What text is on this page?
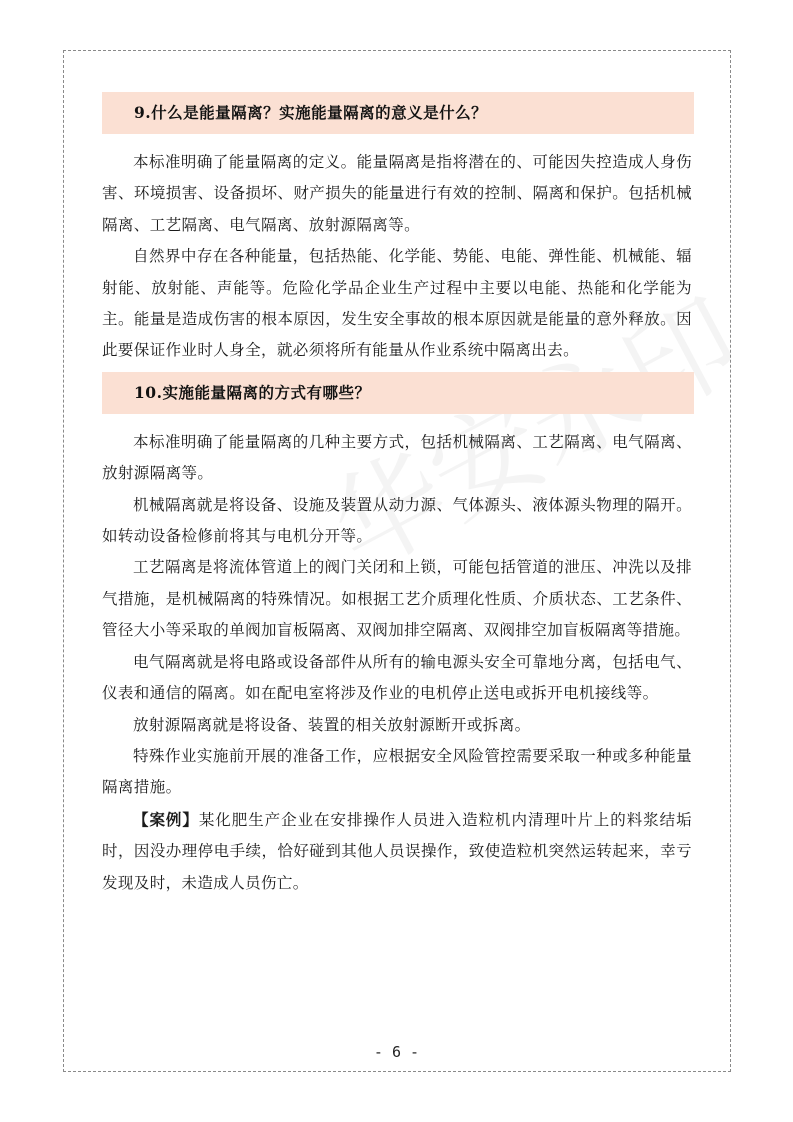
9.什么是能量隔离？实施能量隔离的意义是什么？

本标准明确了能量隔离的定义。能量隔离是指将潜在的、可能因失控造成人身伤害、环境损害、设备损坏、财产损失的能量进行有效的控制、隔离和保护。包括机械隔离、工艺隔离、电气隔离、放射源隔离等。

自然界中存在各种能量，包括热能、化学能、势能、电能、弹性能、机械能、辐射能、放射能、声能等。危险化学品企业生产过程中主要以电能、热能和化学能为主。能量是造成伤害的根本原因，发生安全事故的根本原因就是能量的意外释放。因此要保证作业时人身全，就必须将所有能量从作业系统中隔离出去。

10.实施能量隔离的方式有哪些？

本标准明确了能量隔离的几种主要方式，包括机械隔离、工艺隔离、电气隔离、放射源隔离等。

机械隔离就是将设备、设施及装置从动力源、气体源头、液体源头物理的隔开。如转动设备检修前将其与电机分开等。

工艺隔离是将流体管道上的阀门关闭和上锁，可能包括管道的泄压、冲洗以及排气措施，是机械隔离的特殊情况。如根据工艺介质理化性质、介质状态、工艺条件、管径大小等采取的单阀加盲板隔离、双阀加排空隔离、双阀排空加盲板隔离等措施。

电气隔离就是将电路或设备部件从所有的输电源头安全可靠地分离，包括电气、仪表和通信的隔离。如在配电室将涉及作业的电机停止送电或拆开电机接线等。

放射源隔离就是将设备、装置的相关放射源断开或拆离。

特殊作业实施前开展的准备工作，应根据安全风险管控需要采取一种或多种能量隔离措施。

【案例】某化肥生产企业在安排操作人员进入造粒机内清理叶片上的料浆结垢时，因没办理停电手续，恰好碰到其他人员误操作，致使造粒机突然运转起来，幸亏发现及时，未造成人员伤亡。

- 6 -
